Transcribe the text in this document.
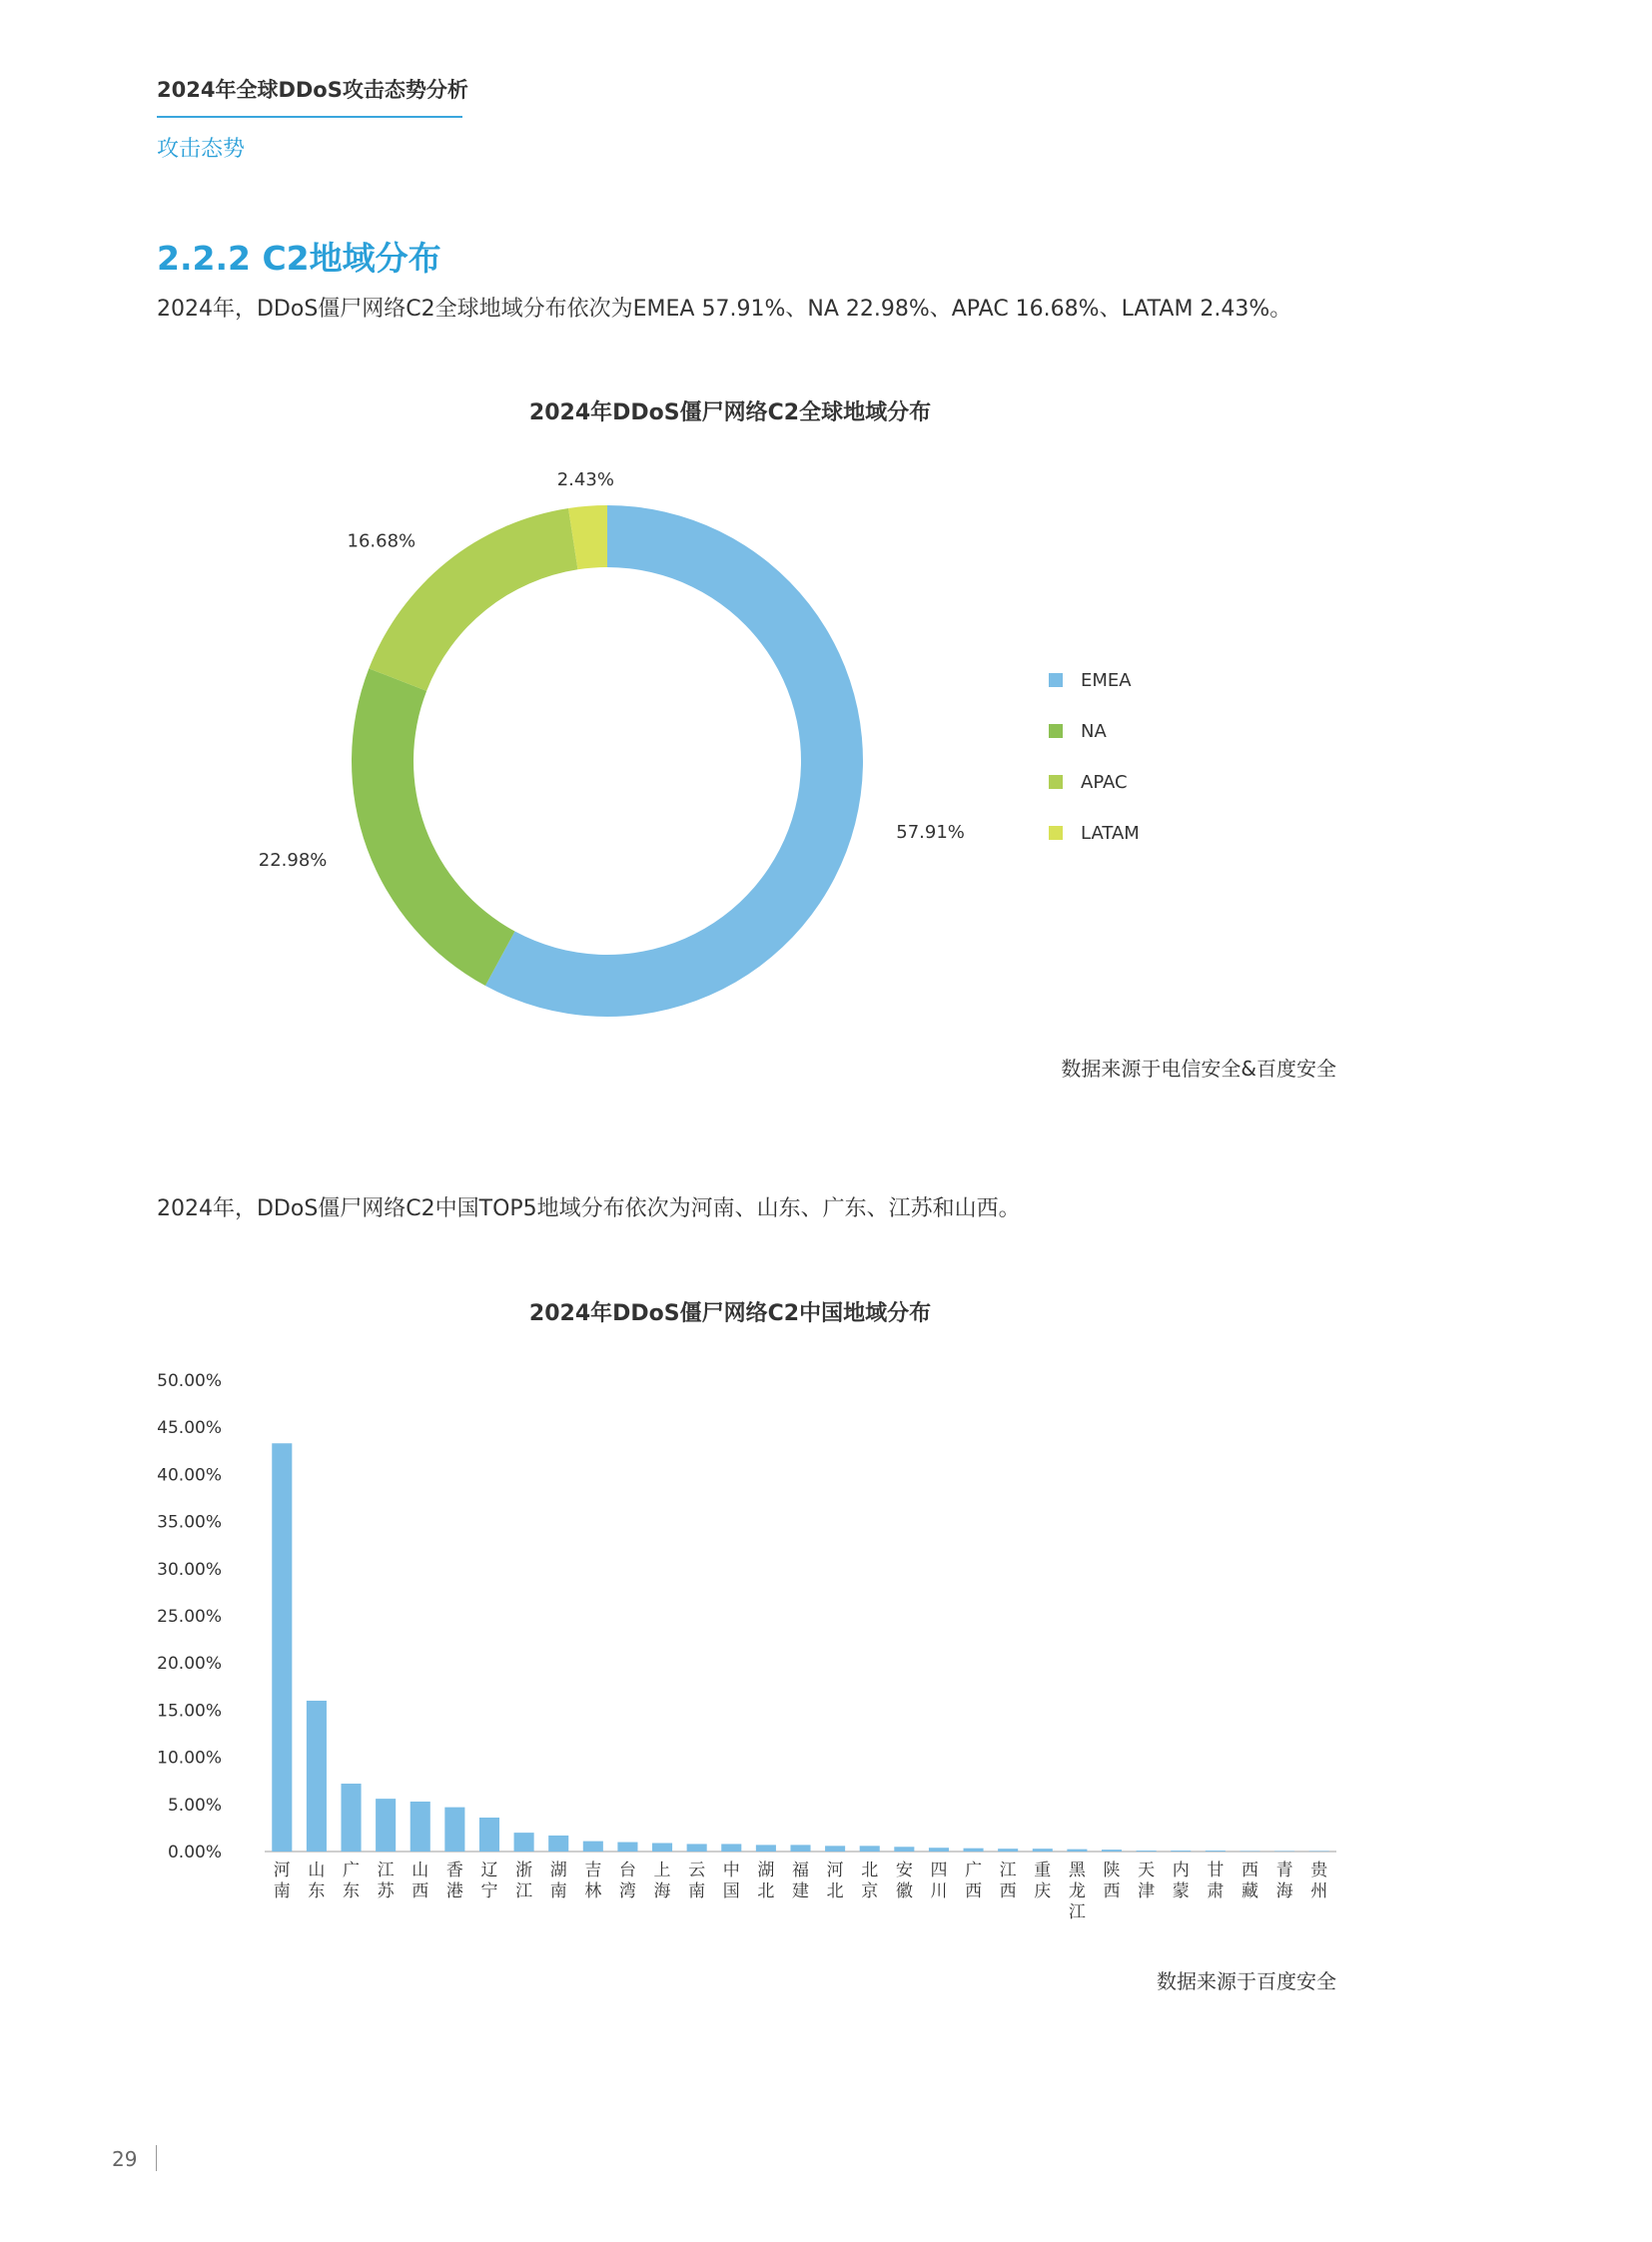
2024年全球DDoS攻击态势分析
攻击态势
2.2.2 C2地域分布
2024年，DDoS僵尸网络C2全球地域分布依次为EMEA 57.91%、NA 22.98%、APAC 16.68%、LATAM 2.43%。
2024年DDoS僵尸网络C2全球地域分布
57.91%
22.98%
16.68%
2.43%
EMEA
NA
APAC
LATAM
数据来源于电信安全&百度安全
2024年，DDoS僵尸网络C2中国TOP5地域分布依次为河南、山东、广东、江苏和山西。
2024年DDoS僵尸网络C2中国地域分布
0.00%
5.00%
10.00%
15.00%
20.00%
25.00%
30.00%
35.00%
40.00%
45.00%
50.00%
河南
山东
广东
江苏
山西
香港
辽宁
浙江
湖南
吉林
台湾
上海
云南
中国
湖北
福建
河北
北京
安徽
四川
广西
江西
重庆
黑龙江
陕西
天津
内蒙
甘肃
西藏
青海
贵州
数据来源于百度安全
29
